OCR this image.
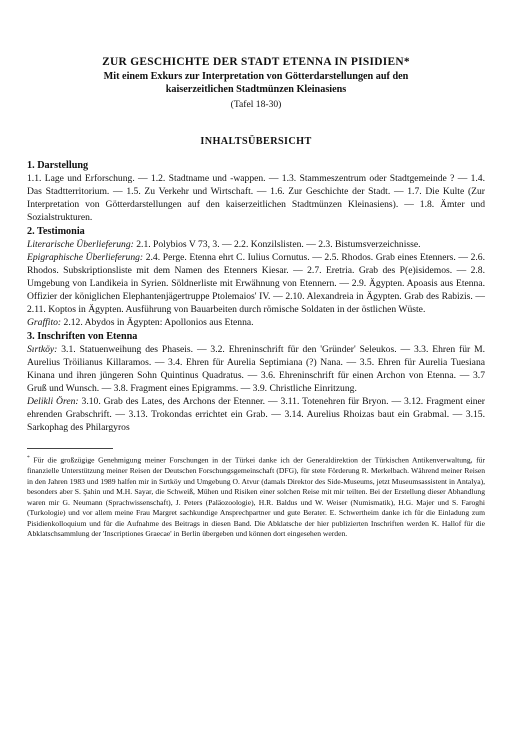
ZUR GESCHICHTE DER STADT ETENNA IN PISIDIEN*
Mit einem Exkurs zur Interpretation von Götterdarstellungen auf den
kaiserzeitlichen Stadtmünzen Kleinasiens
(Tafel 18-30)
INHALTSÜBERSICHT
1. Darstellung

1.1. Lage und Erforschung. — 1.2. Stadtname und -wappen. — 1.3. Stammeszentrum oder Stadtgemeinde ? — 1.4. Das Stadtterritorium. — 1.5. Zu Verkehr und Wirtschaft. — 1.6. Zur Geschichte der Stadt. — 1.7. Die Kulte (Zur Interpretation von Götterdarstellungen auf den kaiserzeitlichen Stadtmünzen Kleinasiens). — 1.8. Ämter und Sozialstrukturen.

2. Testimonia

Literarische Überlieferung: 2.1. Polybios V 73, 3. — 2.2. Konzilslisten. — 2.3. Bistumsverzeichnisse.

Epigraphische Überlieferung: 2.4. Perge. Etenna ehrt C. Iulius Cornutus. — 2.5. Rhodos. Grab eines Etenners. — 2.6. Rhodos. Subskriptionsliste mit dem Namen des Etenners Kiesar. — 2.7. Eretria. Grab des P(e)isidemos. — 2.8. Umgebung von Landikeia in Syrien. Söldnerliste mit Erwähnung von Etennern. — 2.9. Ägypten. Apoasis aus Etenna. Offizier der königlichen Elephantenjägertruppe Ptolemaios' IV. — 2.10. Alexandreia in Ägypten. Grab des Rabizis. — 2.11. Koptos in Ägypten. Ausführung von Bauarbeiten durch römische Soldaten in der östlichen Wüste.

Graffito: 2.12. Abydos in Ägypten: Apollonios aus Etenna.

3. Inschriften von Etenna

Sırtköy: 3.1. Statuenweihung des Phaseis. — 3.2. Ehreninschrift für den 'Gründer' Seleukos. — 3.3. Ehren für M. Aurelius Tröilianus Killaramos. — 3.4. Ehren für Aurelia Septimiana (?) Nana. — 3.5. Ehren für Aurelia Tuesiana Kinana und ihren jüngeren Sohn Quintinus Quadratus. — 3.6. Ehreninschrift für einen Archon von Etenna. — 3.7 Gruß und Wunsch. — 3.8. Fragment eines Epigramms. — 3.9. Christliche Einritzung.

Delikli Ören: 3.10. Grab des Lates, des Archons der Etenner. — 3.11. Totenehren für Bryon. — 3.12. Fragment einer ehrenden Grabschrift. — 3.13. Trokondas errichtet ein Grab. — 3.14. Aurelius Rhoizas baut ein Grabmal. — 3.15. Sarkophag des Philargyros

* Für die großzügige Genehmigung meiner Forschungen in der Türkei danke ich der Generaldirektion der Türkischen Antikenverwaltung, für finanzielle Unterstützung meiner Reisen der Deutschen Forschungsgemeinschaft (DFG), für stete Förderung R. Merkelbach. Während meiner Reisen in den Jahren 1983 und 1989 halfen mir in Sırtköy und Umgebung O. Atvur (damals Direktor des Side-Museums, jetzt Museumsassistent in Antalya), besonders aber S. Şahin und M.H. Sayar, die Schweiß, Mühen und Risiken einer solchen Reise mit mir teilten. Bei der Erstellung dieser Abhandlung waren mir G. Neumann (Sprachwissenschaft), J. Peters (Paläozoologie), H.R. Baldus und W. Weiser (Numismatik), H.G. Majer und S. Faroghi (Turkologie) und vor allem meine Frau Margret sachkundige Ansprechpartner und gute Berater. E. Schwertheim danke ich für die Einladung zum Pisidienkolloquium und für die Aufnahme des Beitrags in diesen Band. Die Abklatsche der hier publizierten Inschriften werden K. Hallof für die Abklatschsammlung der 'Inscriptiones Graecae' in Berlin übergeben und können dort eingesehen werden.
